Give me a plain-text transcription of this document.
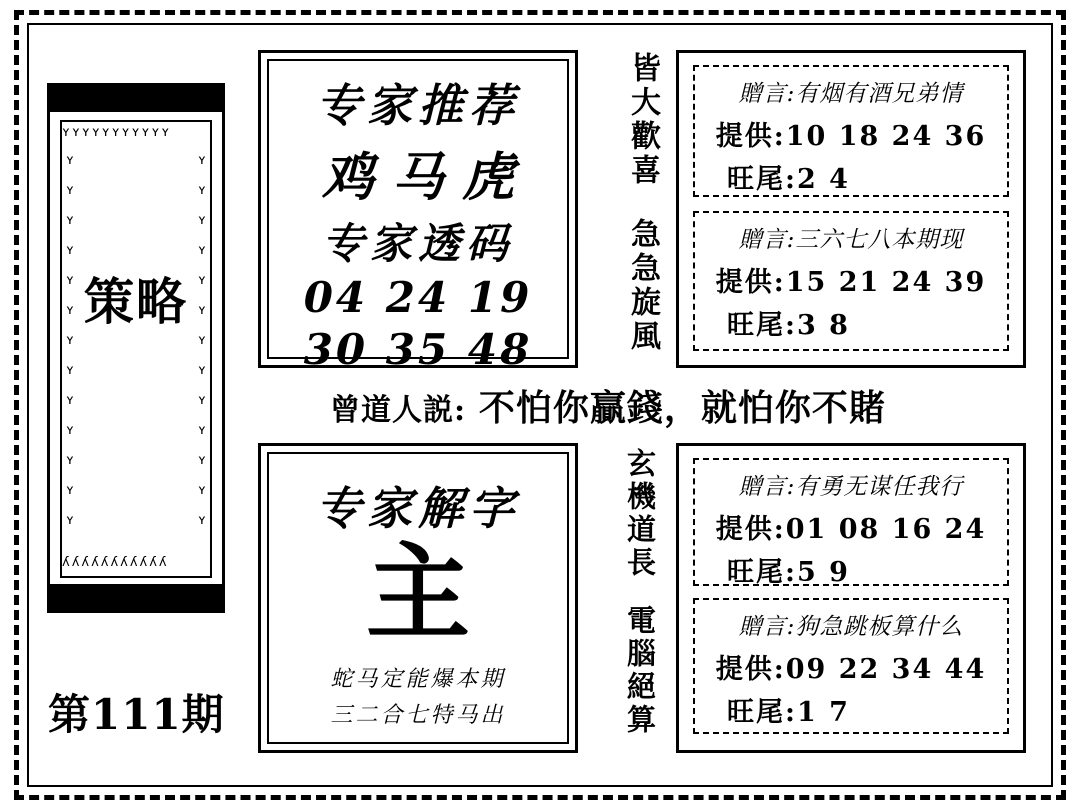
ʏʏʏʏʏʏʏʏʏʏʏ
ʎʎʎʎʎʎʎʎʎʎʎ
ʏ
ʏ
ʏ
ʏ
ʏ
ʏ
ʏ
ʏ
ʏ
ʏ
ʏ
ʏ
ʏ
ʏ
ʏ
ʏ
ʏ
ʏ
ʏ
ʏ
ʏ
ʏ
ʏ
ʏ
ʏ
ʏ
策略
第111期
专家推荐
鸡马虎
专家透码
04 24 19
30 35 48
曾道人説: 不怕你贏錢，就怕你不賭
专家解字
主
蛇马定能爆本期
三二合七特马出
皆大歡喜
急急旋風
玄機道長
電腦絕算
贈言:有烟有酒兄弟情
提供:10 18 24 36
旺尾:2 4
贈言:三六七八本期现
提供:15 21 24 39
旺尾:3 8
贈言:有勇无谋任我行
提供:01 08 16 24
旺尾:5 9
贈言:狗急跳板算什么
提供:09 22 34 44
旺尾:1 7
